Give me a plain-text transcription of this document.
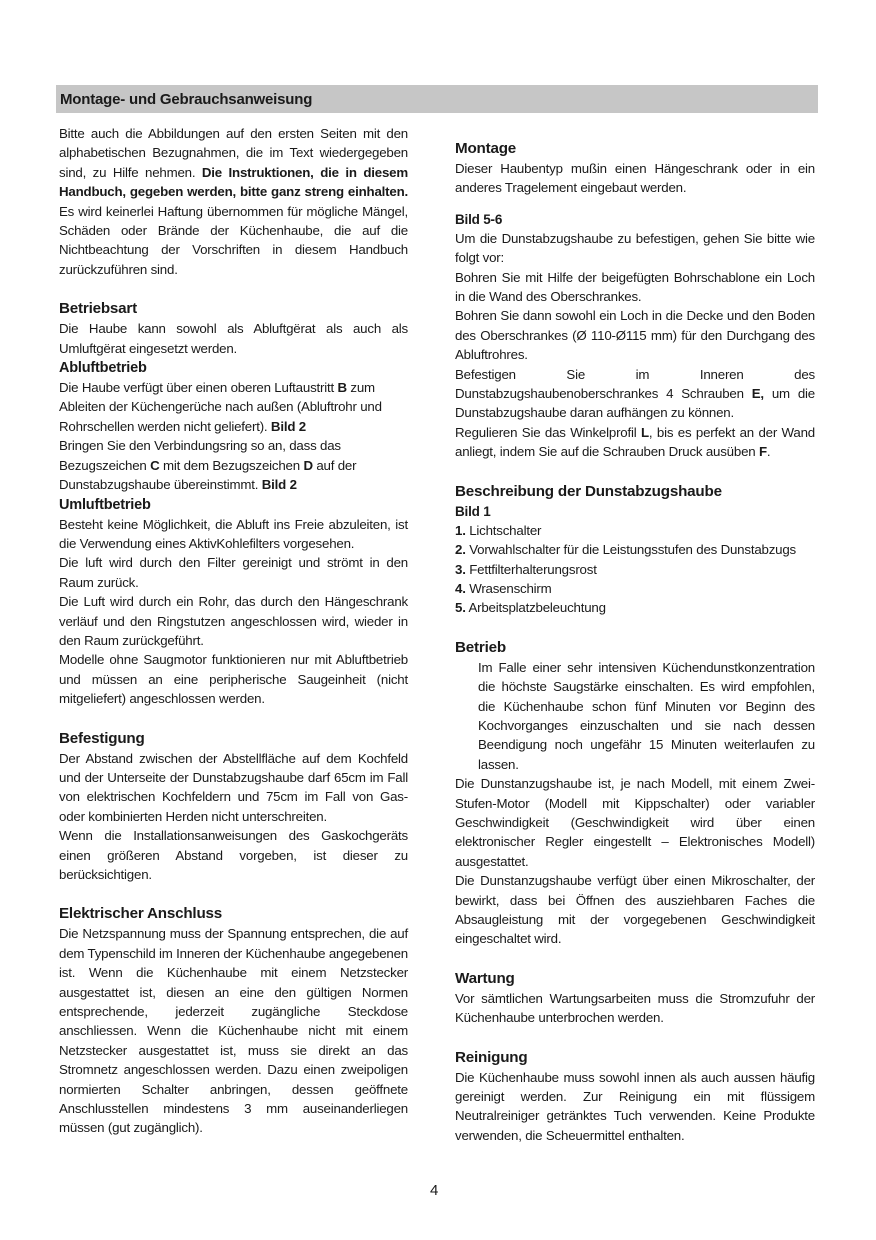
Montage- und Gebrauchsanweisung

Bitte auch die Abbildungen auf den ersten Seiten mit den alphabetischen Bezugnahmen, die im Text wiedergegeben sind, zu Hilfe nehmen. Die Instruktionen, die in diesem Handbuch, gegeben werden, bitte ganz streng einhalten. Es wird keinerlei Haftung übernommen für mögliche Mängel, Schäden oder Brände der Küchenhaube, die auf die Nichtbeachtung der Vorschriften in diesem Handbuch zurückzuführen sind.

Betriebsart

Die Haube kann sowohl als Abluftgërat als auch als Umluftgërat eingesetzt werden.

Abluftbetrieb

Die Haube verfügt über einen oberen Luftaustritt B zum Ableiten der Küchengerüche nach außen (Abluftrohr und Rohrschellen werden nicht geliefert). Bild 2

Bringen Sie den Verbindungsring so an, dass das Bezugszeichen C mit dem Bezugszeichen D auf der Dunstabzugshaube übereinstimmt. Bild 2

Umluftbetrieb

Besteht keine Möglichkeit, die Abluft ins Freie abzuleiten, ist die Verwendung eines AktivKohlefilters vorgesehen.

Die luft wird durch den Filter gereinigt und strömt in den Raum zurück.

Die Luft wird durch ein Rohr, das durch den Hängeschrank verläuf und den Ringstutzen angeschlossen wird, wieder in den Raum zurückgeführt.

Modelle ohne Saugmotor funktionieren nur mit Abluftbetrieb und müssen an eine peripherische Saugeinheit (nicht mitgeliefert) angeschlossen werden.

Befestigung

Der Abstand zwischen der Abstellfläche auf dem Kochfeld und der Unterseite der Dunstabzugshaube darf 65cm im Fall von elektrischen Kochfeldern und 75cm im Fall von Gas- oder kombinierten Herden nicht unterschreiten.

Wenn die Installationsanweisungen des Gaskochgeräts einen größeren Abstand vorgeben, ist dieser zu berücksichtigen.

Elektrischer Anschluss

Die Netzspannung muss der Spannung entsprechen, die auf dem Typenschild im Inneren der Küchenhaube angegebenen ist. Wenn die Küchenhaube mit einem Netzstecker ausgestattet ist, diesen an eine den gültigen Normen entsprechende, jederzeit zugängliche Steckdose anschliessen. Wenn die Küchenhaube nicht mit einem Netzstecker ausgestattet ist, muss sie direkt an das Stromnetz angeschlossen werden. Dazu einen zweipoligen normierten Schalter anbringen, dessen geöffnete Anschlusstellen mindestens 3 mm auseinanderliegen müssen (gut zugänglich).

Montage

Dieser Haubentyp mußin einen Hängeschrank oder in ein anderes Tragelement eingebaut werden.

Bild 5-6

Um die Dunstabzugshaube zu befestigen, gehen Sie bitte wie folgt vor:

Bohren Sie mit Hilfe der beigefügten Bohrschablone ein Loch in die Wand des Oberschrankes.

Bohren Sie dann sowohl ein Loch in die Decke und den Boden des Oberschrankes (Ø 110-Ø115 mm) für den Durchgang des Abluftrohres.

Befestigen Sie im Inneren des Dunstabzugshaubenoberschrankes 4 Schrauben E, um die Dunstabzugshaube daran aufhängen zu können.

Regulieren Sie das Winkelprofil L, bis es perfekt an der Wand anliegt, indem Sie auf die Schrauben Druck ausüben F.

Beschreibung der Dunstabzugshaube
Bild 1
1. Lichtschalter
2. Vorwahlschalter für die Leistungsstufen des Dunstabzugs
3. Fettfilterhalterungsrost
4. Wrasenschirm
5. Arbeitsplatzbeleuchtung
Betrieb

Im Falle einer sehr intensiven Küchendunstkonzentration die höchste Saugstärke einschalten. Es wird empfohlen, die Küchenhaube schon fünf Minuten vor Beginn des Kochvorganges einzuschalten und sie nach dessen Beendigung noch ungefähr 15 Minuten weiterlaufen zu lassen.

Die Dunstanzugshaube ist, je nach Modell, mit einem Zwei-Stufen-Motor (Modell mit Kippschalter) oder variabler Geschwindigkeit (Geschwindigkeit wird über einen elektronischer Regler eingestellt – Elektronisches Modell) ausgestattet.

Die Dunstanzugshaube verfügt über einen Mikroschalter, der bewirkt, dass bei Öffnen des ausziehbaren Faches die Absaugleistung mit der vorgegebenen Geschwindigkeit eingeschaltet wird.

Wartung

Vor sämtlichen Wartungsarbeiten muss die Stromzufuhr der Küchenhaube unterbrochen werden.

Reinigung

Die Küchenhaube muss sowohl innen als auch aussen häufig gereinigt werden. Zur Reinigung ein mit flüssigem Neutralreiniger getränktes Tuch verwenden. Keine Produkte verwenden, die Scheuermittel enthalten.

4
